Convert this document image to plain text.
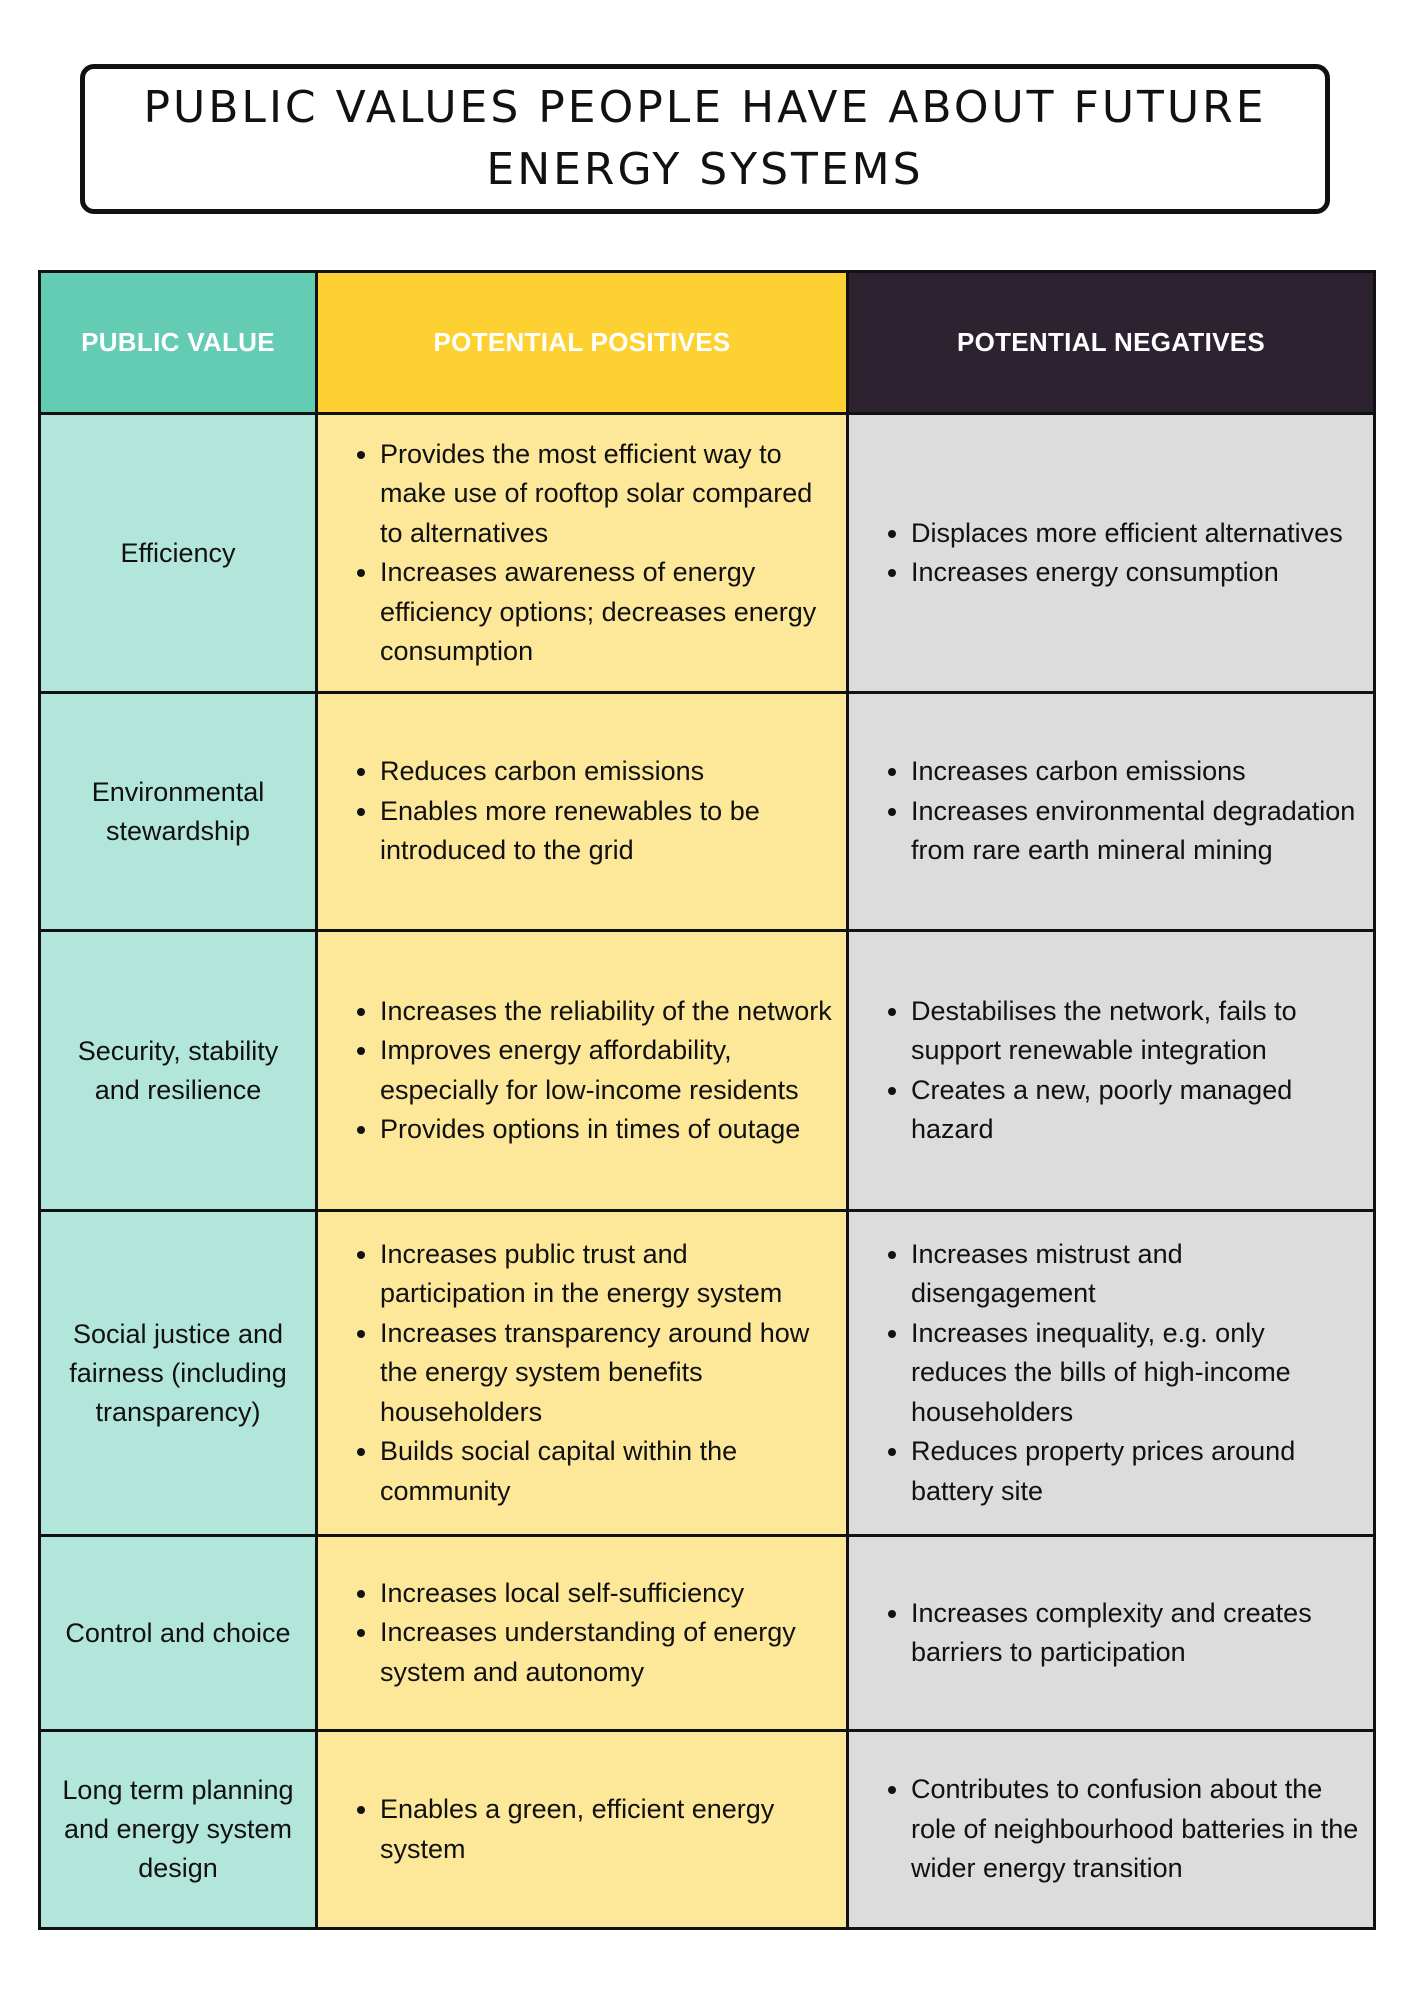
PUBLIC VALUES PEOPLE HAVE ABOUT FUTURE
ENERGY SYSTEMS
PUBLIC VALUE	POTENTIAL POSITIVES	POTENTIAL NEGATIVES
Efficiency
• Provides the most efficient way to make use of rooftop solar compared to alternatives
• Increases awareness of energy efficiency options; decreases energy consumption
• Displaces more efficient alternatives
• Increases energy consumption
Environmental stewardship
• Reduces carbon emissions
• Enables more renewables to be introduced to the grid
• Increases carbon emissions
• Increases environmental degradation from rare earth mineral mining
Security, stability and resilience
• Increases the reliability of the network
• Improves energy affordability, especially for low-income residents
• Provides options in times of outage
• Destabilises the network, fails to support renewable integration
• Creates a new, poorly managed hazard
Social justice and fairness (including transparency)
• Increases public trust and participation in the energy system
• Increases transparency around how the energy system benefits householders
• Builds social capital within the community
• Increases mistrust and disengagement
• Increases inequality, e.g. only reduces the bills of high-income householders
• Reduces property prices around battery site
Control and choice
• Increases local self-sufficiency
• Increases understanding of energy system and autonomy
• Increases complexity and creates barriers to participation
Long term planning and energy system design
• Enables a green, efficient energy system
• Contributes to confusion about the role of neighbourhood batteries in the wider energy transition
